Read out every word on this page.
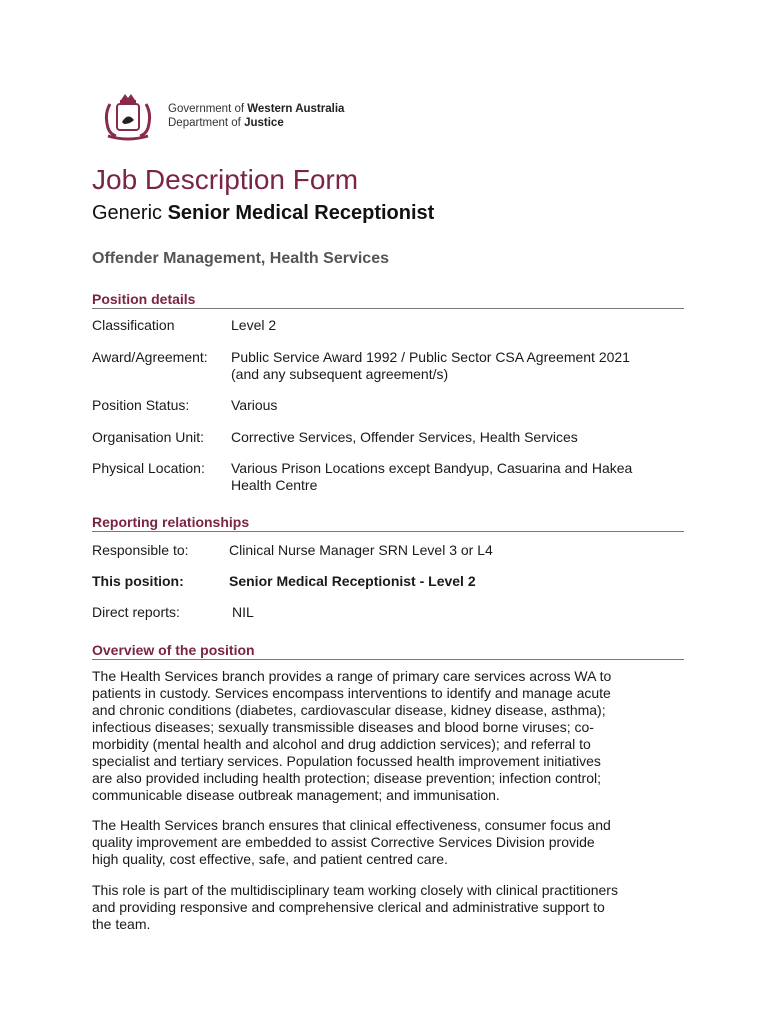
Government of Western Australia
Department of Justice
Job Description Form
Generic Senior Medical Receptionist
Offender Management, Health Services
Position details
Classification	Level 2
Award/Agreement:	Public Service Award 1992 / Public Sector CSA Agreement 2021
(and any subsequent agreement/s)
Position Status:	Various
Organisation Unit:	Corrective Services, Offender Services, Health Services
Physical Location:	Various Prison Locations except Bandyup, Casuarina and Hakea
Health Centre
Reporting relationships
Responsible to:	Clinical Nurse Manager SRN Level 3 or L4
This position:	Senior Medical Receptionist - Level 2
Direct reports:	NIL
Overview of the position

The Health Services branch provides a range of primary care services across WA to
patients in custody. Services encompass interventions to identify and manage acute
and chronic conditions (diabetes, cardiovascular disease, kidney disease, asthma);
infectious diseases; sexually transmissible diseases and blood borne viruses; co-
morbidity (mental health and alcohol and drug addiction services); and referral to
specialist and tertiary services. Population focussed health improvement initiatives
are also provided including health protection; disease prevention; infection control;
communicable disease outbreak management; and immunisation.

The Health Services branch ensures that clinical effectiveness, consumer focus and
quality improvement are embedded to assist Corrective Services Division provide
high quality, cost effective, safe, and patient centred care.

This role is part of the multidisciplinary team working closely with clinical practitioners
and providing responsive and comprehensive clerical and administrative support to
the team.
